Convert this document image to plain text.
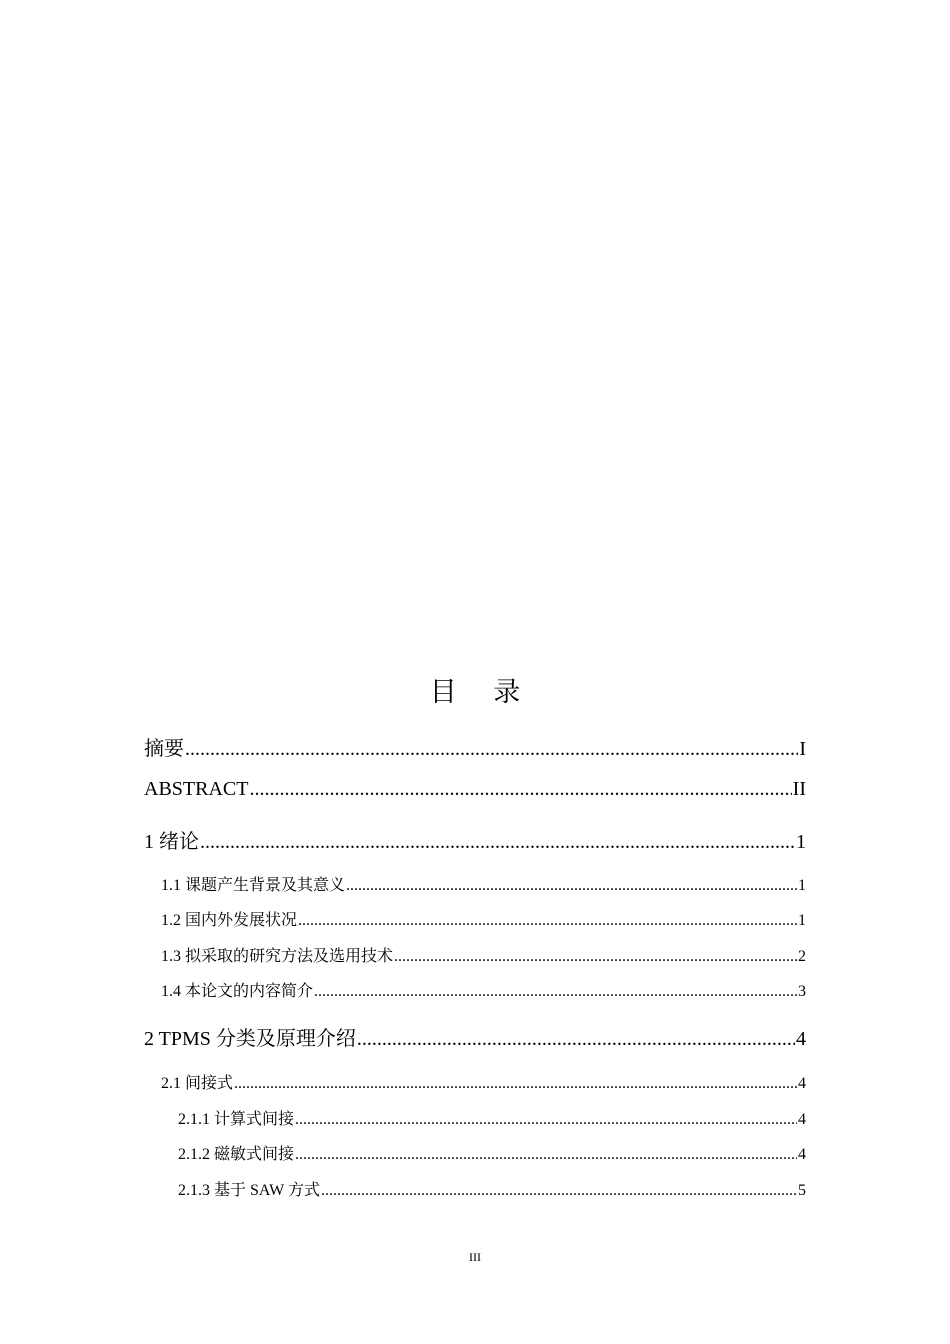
目 录
摘要 .....	I
ABSTRACT .....	II
1 绪论 .....	1
1.1 课题产生背景及其意义 .....	1
1.2 国内外发展状况 .....	1
1.3 拟采取的研究方法及选用技术 .....	2
1.4 本论文的内容简介 .....	3
2 TPMS 分类及原理介绍 .....	4
2.1 间接式 .....	4
2.1.1 计算式间接 .....	4
2.1.2 磁敏式间接 .....	4
2.1.3 基于 SAW 方式 .....	5
III
